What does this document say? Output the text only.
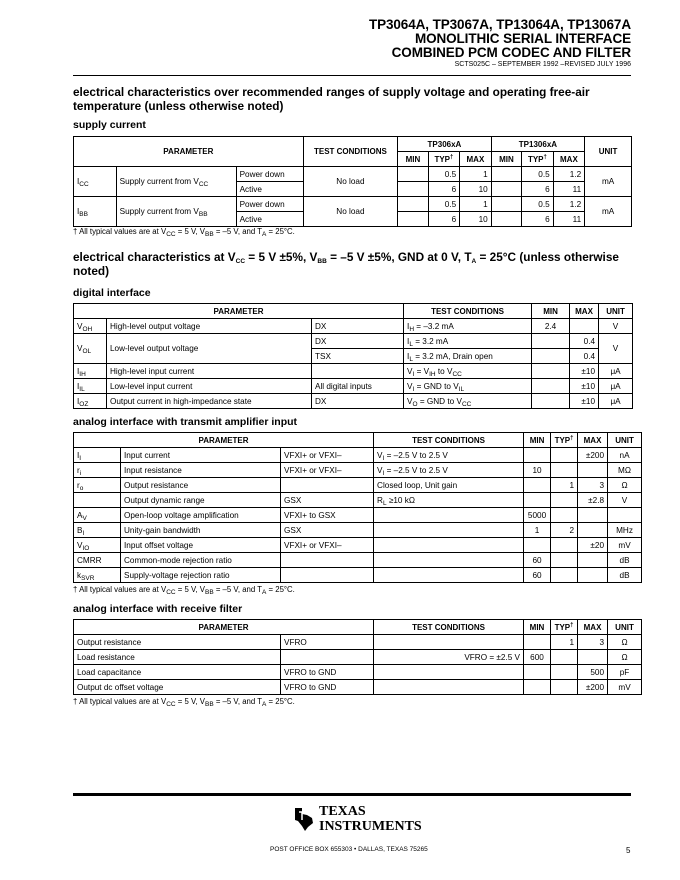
TP3064A, TP3067A, TP13064A, TP13067A
MONOLITHIC SERIAL INTERFACE
COMBINED PCM CODEC AND FILTER
SCTS025C – SEPTEMBER 1992 –REVISED JULY 1996
electrical characteristics over recommended ranges of supply voltage and operating free-air temperature (unless otherwise noted)
supply current
PARAMETER			TEST CONDITIONS	TP306xA			TP1306xA			UNIT
				MIN	TYP†	MAX	MIN	TYP†	MAX	
$I_{CC}$	Supply current from $V_{CC}$	Power down	No load		0.5	1		0.5	1.2	mA
		Active			6	10		6	11	
$I_{BB}$	Supply current from $V_{BB}$	Power down	No load		0.5	1		0.5	1.2	mA
		Active			6	10		6	11	
† All typical values are at $V_{CC} = 5$ V, $V_{BB} = -5$ V, and $T_A = 25^\circ C$.
electrical characteristics at $V_{CC} = 5$ V ±5%, $V_{BB} = -5$ V ±5%, GND at 0 V, $T_A = 25^\circ C$ (unless otherwise noted)
digital interface
PARAMETER			TEST CONDITIONS	MIN	MAX	UNIT
$V_{OH}$	High-level output voltage	DX	$I_H = -3.2$ mA	2.4		V
$V_{OL}$	Low-level output voltage	DX	$I_L = 3.2$ mA		0.4	V
		TSX	$I_L = 3.2$ mA, Drain open		0.4	
$I_{IH}$	High-level input current		$V_I = V_{IH}$ to $V_{CC}$		±10	μA
$I_{IL}$	Low-level input current	All digital inputs	$V_I$ = GND to $V_{IL}$		±10	μA
$I_{OZ}$	Output current in high-impedance state	DX	$V_O$ = GND to $V_{CC}$		±10	μA
analog interface with transmit amplifier input
PARAMETER			TEST CONDITIONS	MIN	TYP†	MAX	UNIT
$I_I$	Input current	VFXI+ or VFXI–	$V_I = -2.5$ V to 2.5 V			±200	nA
$r_i$	Input resistance	VFXI+ or VFXI–	$V_I = -2.5$ V to 2.5 V	10			MΩ
$r_o$	Output resistance		Closed loop, Unit gain		1	3	Ω
	Output dynamic range	GSX	$R_L \ge 10$ kΩ			±2.8	V
$A_V$	Open-loop voltage amplification	VFXI+ to GSX		5000			
$B_I$	Unity-gain bandwidth	GSX		1	2		MHz
$V_{IO}$	Input offset voltage	VFXI+ or VFXI–				±20	mV
CMRR	Common-mode rejection ratio			60			dB
$k_{SVR}$	Supply-voltage rejection ratio			60			dB
† All typical values are at $V_{CC} = 5$ V, $V_{BB} = -5$ V, and $T_A = 25^\circ C$.
analog interface with receive filter
PARAMETER		TEST CONDITIONS	MIN	TYP†	MAX	UNIT
Output resistance	VFRO			1	3	Ω
Load resistance		VFRO = ±2.5 V	600			Ω
Load capacitance	VFRO to GND				500	pF
Output dc offset voltage	VFRO to GND				±200	mV
† All typical values are at $V_{CC} = 5$ V, $V_{BB} = -5$ V, and $T_A = 25^\circ C$.
TEXAS
INSTRUMENTS
POST OFFICE BOX 655303 • DALLAS, TEXAS 75265	5
